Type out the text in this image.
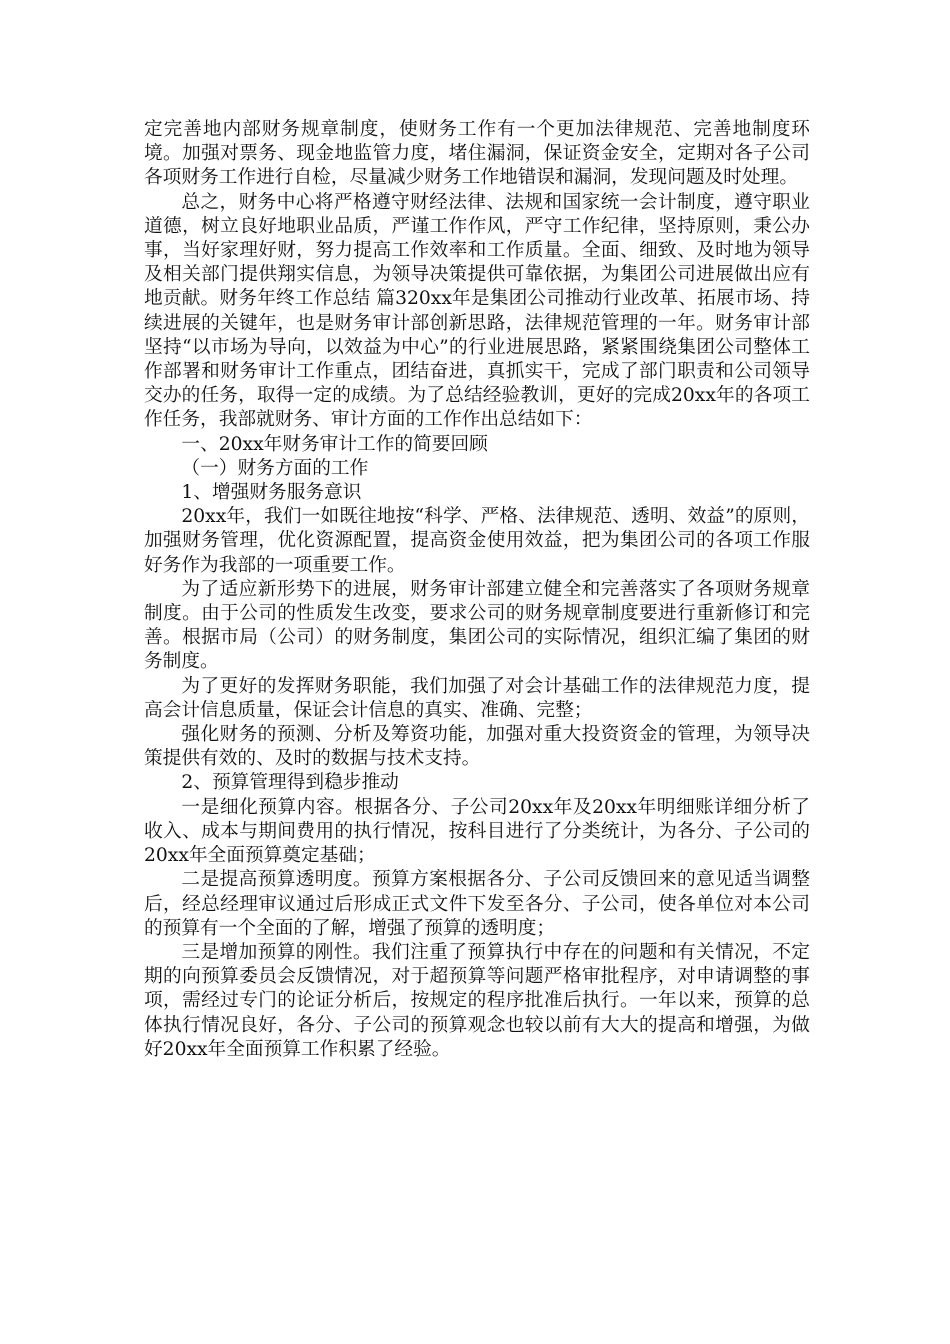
定完善地内部财务规章制度，使财务工作有一个更加法律规范、完善地制度环境。加强对票务、现金地监管力度，堵住漏洞，保证资金安全，定期对各子公司各项财务工作进行自检，尽量减少财务工作地错误和漏洞，发现问题及时处理。

总之，财务中心将严格遵守财经法律、法规和国家统一会计制度，遵守职业道德，树立良好地职业品质，严谨工作作风，严守工作纪律，坚持原则，秉公办事，当好家理好财，努力提高工作效率和工作质量。全面、细致、及时地为领导及相关部门提供翔实信息，为领导决策提供可靠依据，为集团公司进展做出应有地贡献。财务年终工作总结 篇320xx年是集团公司推动行业改革、拓展市场、持续进展的关键年，也是财务审计部创新思路，法律规范管理的一年。财务审计部坚持“以市场为导向，以效益为中心”的行业进展思路，紧紧围绕集团公司整体工作部署和财务审计工作重点，团结奋进，真抓实干，完成了部门职责和公司领导交办的任务，取得一定的成绩。为了总结经验教训，更好的完成20xx年的各项工作任务，我部就财务、审计方面的工作作出总结如下：

一、20xx年财务审计工作的简要回顾

（一）财务方面的工作

1、增强财务服务意识

20xx年，我们一如既往地按“科学、严格、法律规范、透明、效益”的原则，加强财务管理，优化资源配置，提高资金使用效益，把为集团公司的各项工作服好务作为我部的一项重要工作。

为了适应新形势下的进展，财务审计部建立健全和完善落实了各项财务规章制度。由于公司的性质发生改变，要求公司的财务规章制度要进行重新修订和完善。根据市局（公司）的财务制度，集团公司的实际情况，组织汇编了集团的财务制度。

为了更好的发挥财务职能，我们加强了对会计基础工作的法律规范力度，提高会计信息质量，保证会计信息的真实、准确、完整；

强化财务的预测、分析及筹资功能，加强对重大投资资金的管理，为领导决策提供有效的、及时的数据与技术支持。

2、预算管理得到稳步推动

一是细化预算内容。根据各分、子公司20xx年及20xx年明细账详细分析了收入、成本与期间费用的执行情况，按科目进行了分类统计，为各分、子公司的20xx年全面预算奠定基础；

二是提高预算透明度。预算方案根据各分、子公司反馈回来的意见适当调整后，经总经理审议通过后形成正式文件下发至各分、子公司，使各单位对本公司的预算有一个全面的了解，增强了预算的透明度；

三是增加预算的刚性。我们注重了预算执行中存在的问题和有关情况，不定期的向预算委员会反馈情况，对于超预算等问题严格审批程序，对申请调整的事项，需经过专门的论证分析后，按规定的程序批准后执行。一年以来，预算的总体执行情况良好，各分、子公司的预算观念也较以前有大大的提高和增强，为做好20xx年全面预算工作积累了经验。
